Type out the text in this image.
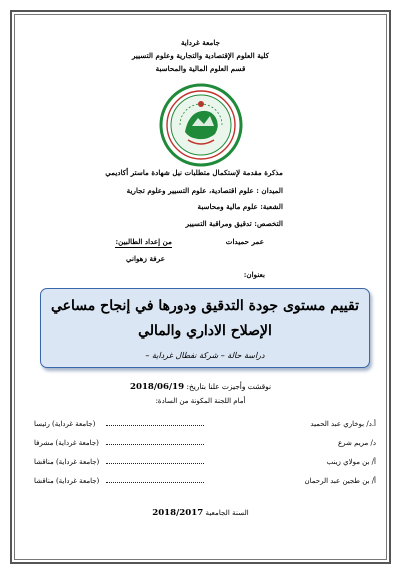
جامعة غرداية
كلية العلوم الإقتصادية والتجارية وعلوم التسيير
قسم العلوم المالية والمحاسبة
مذكرة مقدمة لإستكمال متطلبات نيل شهادة ماستر أكاديمي
الميدان : علوم اقتصادية، علوم التسيير وعلوم تجارية
الشعبة: علوم مالية ومحاسبة
التخصص: تدقيق ومراقبة التسيير
من إعداد الطالبين:	عمر حميدات
عرفة زهواني
بعنوان:
تقييم مستوى جودة التدقيق ودورها في إنجاح مساعي
الإصلاح الاداري والمالي
دراسة حالة – شركة نفطال غرداية –
نوقشت وأجيزت علنا بتاريخ: 2018/06/19
أمام اللجنة المكونة من السادة:
أ.د/ بوخاري عبد الحميد
(جامعة غرداية) رئيسا
د/ مريم شرع
(جامعة غرداية) مشرفا
أ/ بن مولاي زينب
(جامعة غرداية) مناقشا
أ/ بن طجين عبد الرحمان
(جامعة غرداية) مناقشا
السنة الجامعية 2018/2017
